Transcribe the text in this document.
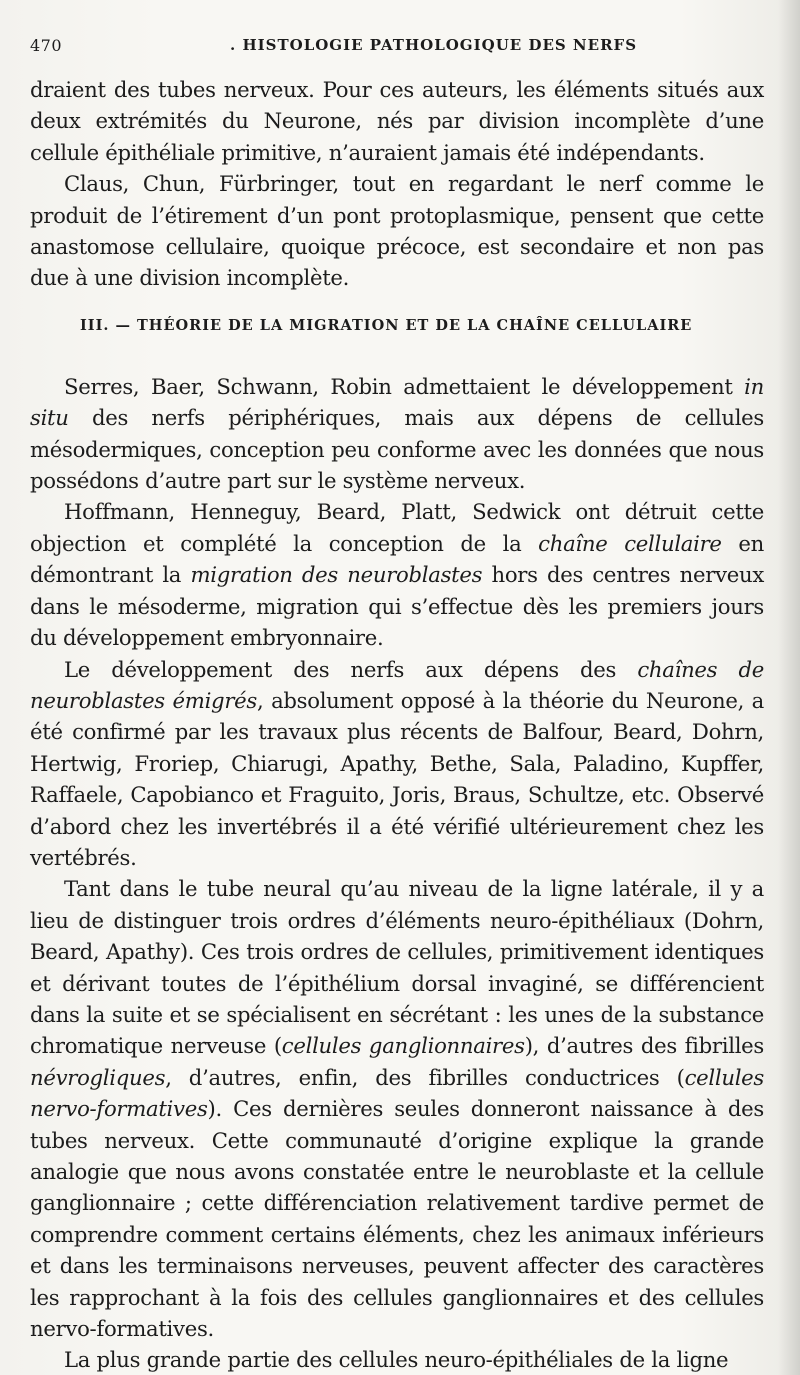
470	. HISTOLOGIE PATHOLOGIQUE DES NERFS

draient des tubes nerveux. Pour ces auteurs, les éléments situés aux deux extrémités du Neurone, nés par division incomplète d’une cellule épithéliale primitive, n’auraient jamais été indépendants.

Claus, Chun, Fürbringer, tout en regardant le nerf comme le produit de l’étirement d’un pont protoplasmique, pensent que cette anastomose cellulaire, quoique précoce, est secondaire et non pas due à une division incomplète.

III. — THÉORIE DE LA MIGRATION ET DE LA CHAÎNE CELLULAIRE

Serres, Baer, Schwann, Robin admettaient le développement in situ des nerfs périphériques, mais aux dépens de cellules mésodermiques, conception peu conforme avec les données que nous possédons d’autre part sur le système nerveux.

Hoffmann, Henneguy, Beard, Platt, Sedwick ont détruit cette objection et complété la conception de la chaîne cellulaire en démontrant la migration des neuroblastes hors des centres nerveux dans le mésoderme, migration qui s’effectue dès les premiers jours du développement embryonnaire.

Le développement des nerfs aux dépens des chaînes de neuroblastes émigrés, absolument opposé à la théorie du Neurone, a été confirmé par les travaux plus récents de Balfour, Beard, Dohrn, Hertwig, Froriep, Chiarugi, Apathy, Bethe, Sala, Paladino, Kupffer, Raffaele, Capobianco et Fraguito, Joris, Braus, Schultze, etc. Observé d’abord chez les invertébrés il a été vérifié ultérieurement chez les vertébrés.

Tant dans le tube neural qu’au niveau de la ligne latérale, il y a lieu de distinguer trois ordres d’éléments neuro-épithéliaux (Dohrn, Beard, Apathy). Ces trois ordres de cellules, primitivement identiques et dérivant toutes de l’épithélium dorsal invaginé, se différencient dans la suite et se spécialisent en sécrétant : les unes de la substance chromatique nerveuse (cellules ganglionnaires), d’autres des fibrilles névrogliques, d’autres, enfin, des fibrilles conductrices (cellules nervo-formatives). Ces dernières seules donneront naissance à des tubes nerveux. Cette communauté d’origine explique la grande analogie que nous avons constatée entre le neuroblaste et la cellule ganglionnaire ; cette différenciation relativement tardive permet de comprendre comment certains éléments, chez les animaux inférieurs et dans les terminaisons nerveuses, peuvent affecter des caractères les rapprochant à la fois des cellules ganglionnaires et des cellules nervo-formatives.

La plus grande partie des cellules neuro-épithéliales de la ligne
